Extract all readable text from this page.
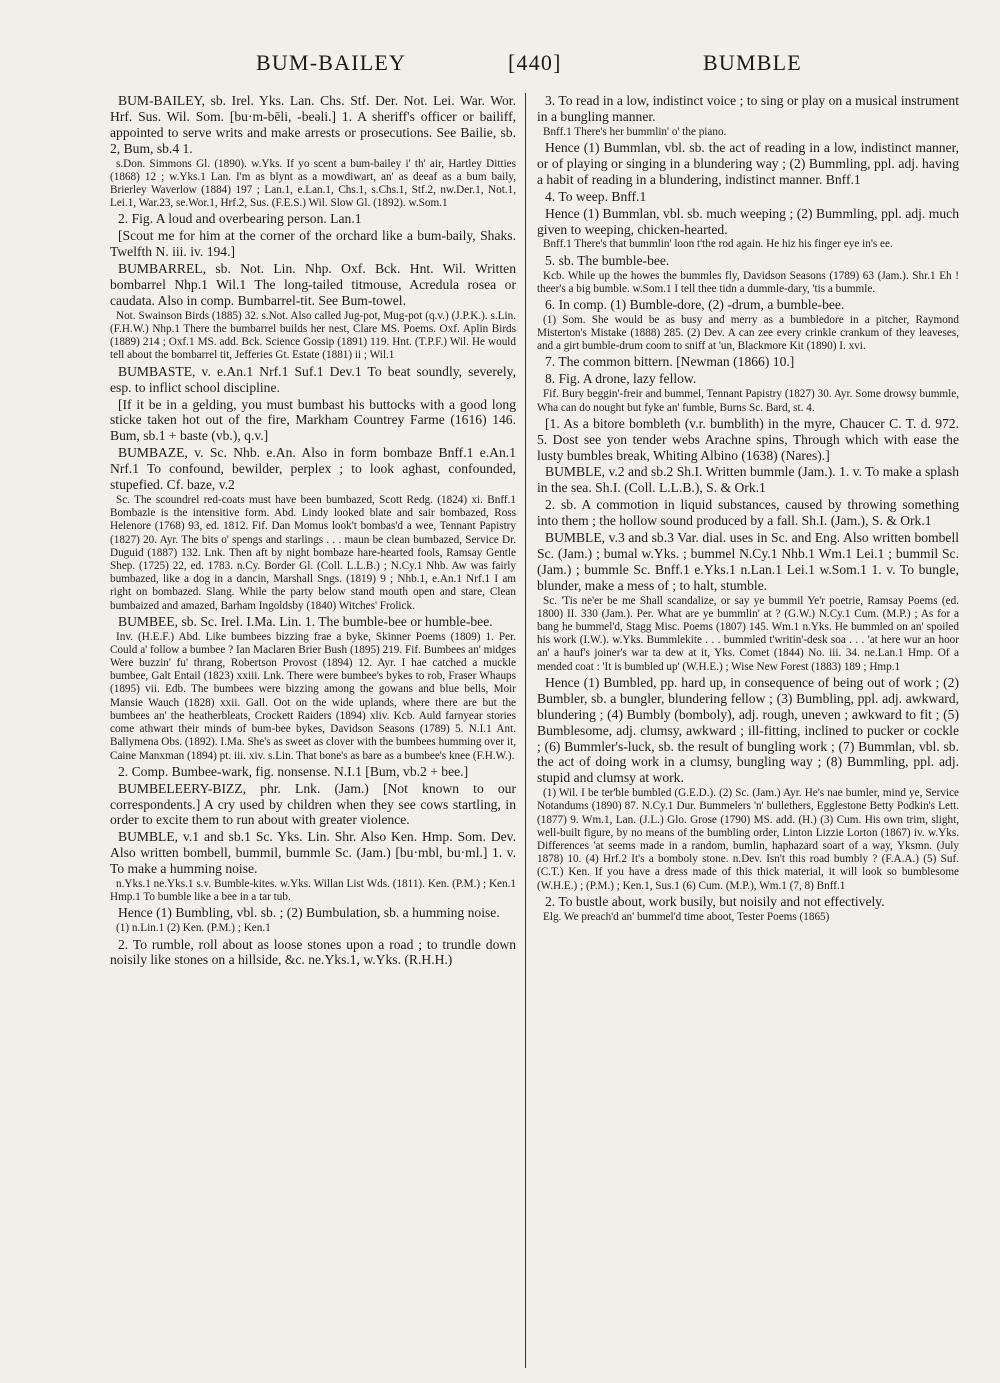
BUM-BAILEY	[440]	BUMBLE

BUM-BAILEY, sb. Irel. Yks. Lan. Chs. Stf. Der. Not. Lei. War. Wor. Hrf. Sus. Wil. Som. [bu·m-bēli, -beəli.] 1. A sheriff's officer or bailiff, appointed to serve writs and make arrests or prosecutions. See Bailie, sb. 2, Bum, sb.4 1.

s.Don. Simmons Gl. (1890). w.Yks. If yo scent a bum-bailey i' th' air, Hartley Ditties (1868) 12 ; w.Yks.1 Lan. I'm as blynt as a mowdiwart, an' as deeaf as a bum baily, Brierley Waverlow (1884) 197 ; Lan.1, e.Lan.1, Chs.1, s.Chs.1, Stf.2, nw.Der.1, Not.1, Lei.1, War.23, se.Wor.1, Hrf.2, Sus. (F.E.S.) Wil. Slow Gl. (1892). w.Som.1

2. Fig. A loud and overbearing person. Lan.1

[Scout me for him at the corner of the orchard like a bum-baily, Shaks. Twelfth N. iii. iv. 194.]

BUMBARREL, sb. Not. Lin. Nhp. Oxf. Bck. Hnt. Wil. Written bombarrel Nhp.1 Wil.1 The long-tailed titmouse, Acredula rosea or caudata. Also in comp. Bumbarrel-tit. See Bum-towel.

Not. Swainson Birds (1885) 32. s.Not. Also called Jug-pot, Mug-pot (q.v.) (J.P.K.). s.Lin. (F.H.W.) Nhp.1 There the bumbarrel builds her nest, Clare MS. Poems. Oxf. Aplin Birds (1889) 214 ; Oxf.1 MS. add. Bck. Science Gossip (1891) 119. Hnt. (T.P.F.) Wil. He would tell about the bombarrel tit, Jefferies Gt. Estate (1881) ii ; Wil.1

BUMBASTE, v. e.An.1 Nrf.1 Suf.1 Dev.1 To beat soundly, severely, esp. to inflict school discipline.

[If it be in a gelding, you must bumbast his buttocks with a good long sticke taken hot out of the fire, Markham Countrey Farme (1616) 146. Bum, sb.1 + baste (vb.), q.v.]

BUMBAZE, v. Sc. Nhb. e.An. Also in form bombaze Bnff.1 e.An.1 Nrf.1 To confound, bewilder, perplex ; to look aghast, confounded, stupefied. Cf. baze, v.2

Sc. The scoundrel red-coats must have been bumbazed, Scott Redg. (1824) xi. Bnff.1 Bombazle is the intensitive form. Abd. Lindy looked blate and sair bombazed, Ross Helenore (1768) 93, ed. 1812. Fif. Dan Momus look't bombas'd a wee, Tennant Papistry (1827) 20. Ayr. The bits o' spengs and starlings . . . maun be clean bumbazed, Service Dr. Duguid (1887) 132. Lnk. Then aft by night bombaze hare-hearted fools, Ramsay Gentle Shep. (1725) 22, ed. 1783. n.Cy. Border Gl. (Coll. L.L.B.) ; N.Cy.1 Nhb. Aw was fairly bumbazed, like a dog in a dancin, Marshall Sngs. (1819) 9 ; Nhb.1, e.An.1 Nrf.1 I am right on bombazed. Slang. While the party below stand mouth open and stare, Clean bumbaized and amazed, Barham Ingoldsby (1840) Witches' Frolick.

BUMBEE, sb. Sc. Irel. I.Ma. Lin. 1. The bumble-bee or humble-bee.

Inv. (H.E.F.) Abd. Like bumbees bizzing frae a byke, Skinner Poems (1809) 1. Per. Could a' follow a bumbee ? Ian Maclaren Brier Bush (1895) 219. Fif. Bumbees an' midges Were buzzin' fu' thrang, Robertson Provost (1894) 12. Ayr. I hae catched a muckle bumbee, Galt Entail (1823) xxiii. Lnk. There were bumbee's bykes to rob, Fraser Whaups (1895) vii. Edb. The bumbees were bizzing among the gowans and blue bells, Moir Mansie Wauch (1828) xxii. Gall. Oot on the wide uplands, where there are but the bumbees an' the heatherbleats, Crockett Raiders (1894) xliv. Kcb. Auld farnyear stories come athwart their minds of bum-bee bykes, Davidson Seasons (1789) 5. N.I.1 Ant. Ballymena Obs. (1892). I.Ma. She's as sweet as clover with the bumbees humming over it, Caine Manxman (1894) pt. iii. xiv. s.Lin. That bone's as bare as a bumbee's knee (F.H.W.).

2. Comp. Bumbee-wark, fig. nonsense. N.I.1 [Bum, vb.2 + bee.]

BUMBELEERY-BIZZ, phr. Lnk. (Jam.) [Not known to our correspondents.] A cry used by children when they see cows startling, in order to excite them to run about with greater violence.

BUMBLE, v.1 and sb.1 Sc. Yks. Lin. Shr. Also Ken. Hmp. Som. Dev. Also written bombell, bummil, bummle Sc. (Jam.) [bu·mbl, bu·ml.] 1. v. To make a humming noise.

n.Yks.1 ne.Yks.1 s.v. Bumble-kites. w.Yks. Willan List Wds. (1811). Ken. (P.M.) ; Ken.1 Hmp.1 To bumble like a bee in a tar tub.

Hence (1) Bumbling, vbl. sb. ; (2) Bumbulation, sb. a humming noise.

(1) n.Lin.1 (2) Ken. (P.M.) ; Ken.1

2. To rumble, roll about as loose stones upon a road ; to trundle down noisily like stones on a hillside, &c. ne.Yks.1, w.Yks. (R.H.H.)

3. To read in a low, indistinct voice ; to sing or play on a musical instrument in a bungling manner.

Bnff.1 There's her bummlin' o' the piano.

Hence (1) Bummlan, vbl. sb. the act of reading in a low, indistinct manner, or of playing or singing in a blundering way ; (2) Bummling, ppl. adj. having a habit of reading in a blundering, indistinct manner. Bnff.1

4. To weep. Bnff.1

Hence (1) Bummlan, vbl. sb. much weeping ; (2) Bummling, ppl. adj. much given to weeping, chicken-hearted.

Bnff.1 There's that bummlin' loon t'the rod again. He hiz his finger eye in's ee.

5. sb. The bumble-bee.

Kcb. While up the howes the bummles fly, Davidson Seasons (1789) 63 (Jam.). Shr.1 Eh ! theer's a big bumble. w.Som.1 I tell thee tidn a dummle-dary, 'tis a bummle.

6. In comp. (1) Bumble-dore, (2) -drum, a bumble-bee.

(1) Som. She would be as busy and merry as a bumbledore in a pitcher, Raymond Misterton's Mistake (1888) 285. (2) Dev. A can zee every crinkle crankum of they leaveses, and a girt bumble-drum coom to sniff at 'un, Blackmore Kit (1890) I. xvi.

7. The common bittern. [Newman (1866) 10.]

8. Fig. A drone, lazy fellow.

Fif. Bury beggin'-freir and bummel, Tennant Papistry (1827) 30. Ayr. Some drowsy bummle, Wha can do nought but fyke an' fumble, Burns Sc. Bard, st. 4.

[1. As a bitore bombleth (v.r. bumblith) in the myre, Chaucer C. T. d. 972. 5. Dost see yon tender webs Arachne spins, Through which with ease the lusty bumbles break, Whiting Albino (1638) (Nares).]

BUMBLE, v.2 and sb.2 Sh.I. Written bummle (Jam.). 1. v. To make a splash in the sea. Sh.I. (Coll. L.L.B.), S. & Ork.1

2. sb. A commotion in liquid substances, caused by throwing something into them ; the hollow sound produced by a fall. Sh.I. (Jam.), S. & Ork.1

BUMBLE, v.3 and sb.3 Var. dial. uses in Sc. and Eng. Also written bombell Sc. (Jam.) ; bumal w.Yks. ; bummel N.Cy.1 Nhb.1 Wm.1 Lei.1 ; bummil Sc. (Jam.) ; bummle Sc. Bnff.1 e.Yks.1 n.Lan.1 Lei.1 w.Som.1 1. v. To bungle, blunder, make a mess of ; to halt, stumble.

Sc. 'Tis ne'er be me Shall scandalize, or say ye bummil Ye'r poetrie, Ramsay Poems (ed. 1800) II. 330 (Jam.). Per. What are ye bummlin' at ? (G.W.) N.Cy.1 Cum. (M.P.) ; As for a bang he bummel'd, Stagg Misc. Poems (1807) 145. Wm.1 n.Yks. He bummled on an' spoiled his work (I.W.). w.Yks. Bummlekite . . . bummled t'writin'-desk soa . . . 'at here wur an hoor an' a hauf's joiner's war ta dew at it, Yks. Comet (1844) No. iii. 34. ne.Lan.1 Hmp. Of a mended coat : 'It is bumbled up' (W.H.E.) ; Wise New Forest (1883) 189 ; Hmp.1

Hence (1) Bumbled, pp. hard up, in consequence of being out of work ; (2) Bumbler, sb. a bungler, blundering fellow ; (3) Bumbling, ppl. adj. awkward, blundering ; (4) Bumbly (bomboly), adj. rough, uneven ; awkward to fit ; (5) Bumblesome, adj. clumsy, awkward ; ill-fitting, inclined to pucker or cockle ; (6) Bummler's-luck, sb. the result of bungling work ; (7) Bummlan, vbl. sb. the act of doing work in a clumsy, bungling way ; (8) Bummling, ppl. adj. stupid and clumsy at work.

(1) Wil. I be ter'ble bumbled (G.E.D.). (2) Sc. (Jam.) Ayr. He's nae bumler, mind ye, Service Notandums (1890) 87. N.Cy.1 Dur. Bummelers 'n' bullethers, Egglestone Betty Podkin's Lett. (1877) 9. Wm.1, Lan. (J.L.) Glo. Grose (1790) MS. add. (H.) (3) Cum. His own trim, slight, well-built figure, by no means of the bumbling order, Linton Lizzie Lorton (1867) iv. w.Yks. Differences 'at seems made in a random, bumlin, haphazard soart of a way, Yksmn. (July 1878) 10. (4) Hrf.2 It's a bomboly stone. n.Dev. Isn't this road bumbly ? (F.A.A.) (5) Suf. (C.T.) Ken. If you have a dress made of this thick material, it will look so bumblesome (W.H.E.) ; (P.M.) ; Ken.1, Sus.1 (6) Cum. (M.P.), Wm.1 (7, 8) Bnff.1

2. To bustle about, work busily, but noisily and not effectively.

Elg. We preach'd an' bummel'd time aboot, Tester Poems (1865)
